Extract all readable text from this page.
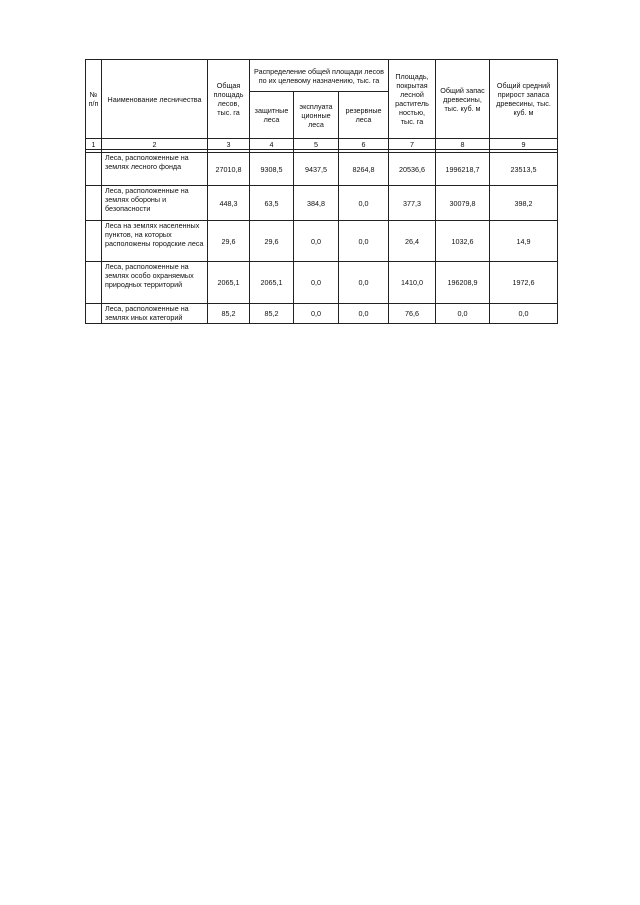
№ п/п	Наименование лесничества	Общая площадь лесов, тыс. га	Распределение общей площади лесов по их целевому назначению, тыс. га			Площадь, покрытая лесной раститель ностью, тыс. га	Общий запас древесины, тыс. куб. м	Общий средний прирост запаса древесины, тыс. куб. м
			защитные леса	эксплуата ционные леса	резервные леса			
1	2	3	4	5	6	7	8	9

	Леса, расположенные на землях лесного фонда	27010,8	9308,5	9437,5	8264,8	20536,6	1996218,7	23513,5
	Леса, расположенные на землях обороны и безопасности	448,3	63,5	384,8	0,0	377,3	30079,8	398,2
	Леса на землях населенных пунктов, на которых расположены городские леса	29,6	29,6	0,0	0,0	26,4	1032,6	14,9
	Леса, расположенные на землях особо охраняемых природных территорий	2065,1	2065,1	0,0	0,0	1410,0	196208,9	1972,6
	Леса, расположенные на землях иных категорий	85,2	85,2	0,0	0,0	76,6	0,0	0,0
